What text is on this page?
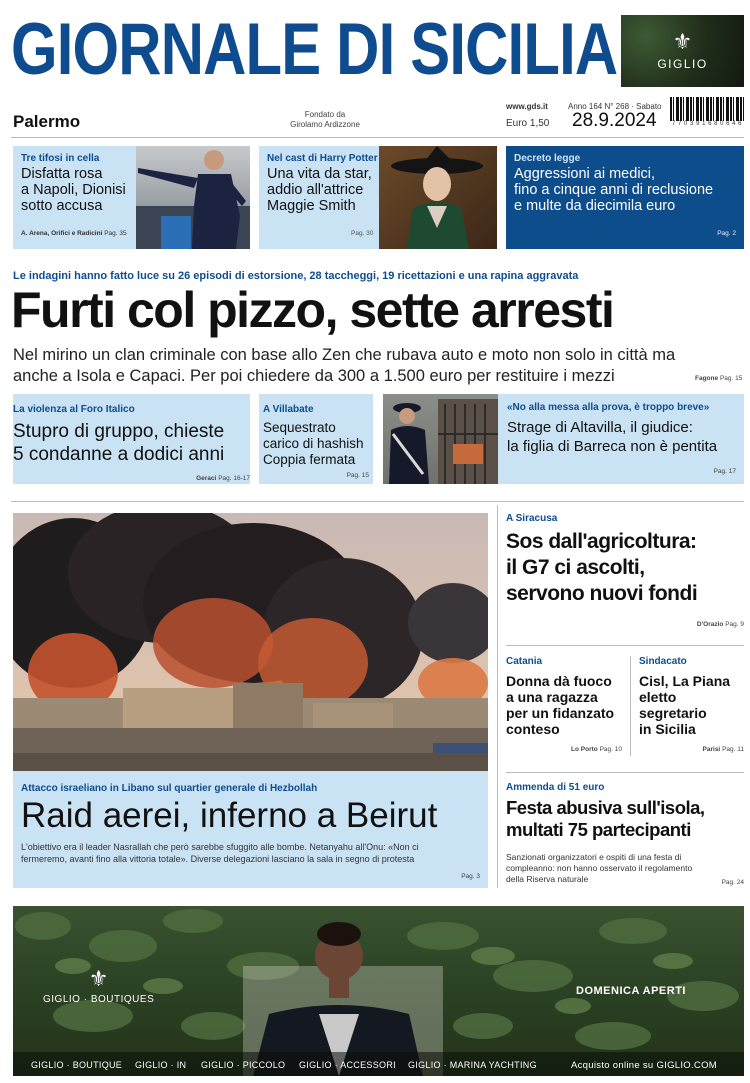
GIORNALE DI SICILIA	⚜
GIGLIO
Palermo	Fondato da
Girolamo Ardizzone
www.gds.it
Euro 1,50
Anno 164 N° 268 · Sabato
28.9.2024	7 7 0 3 9 1 6 8 0 6 4 6
Tre tifosi in cella
Disfatta rosa
a Napoli, Dionisi
sotto accusa
A. Arena, Orifici e Radicini Pag. 35
Nel cast di Harry Potter
Una vita da star,
addio all'attrice
Maggie Smith
Pag. 30
Decreto legge
Aggressioni ai medici,
fino a cinque anni di reclusione
e multe da diecimila euro
Pag. 2
Le indagini hanno fatto luce su 26 episodi di estorsione, 28 taccheggi, 19 ricettazioni e una rapina aggravata
Furti col pizzo, sette arresti
Nel mirino un clan criminale con base allo Zen che rubava auto e moto non solo in città ma
anche a Isola e Capaci. Per poi chiedere da 300 a 1.500 euro per restituire i mezzi	Fagone Pag. 15
La violenza al Foro Italico
Stupro di gruppo, chieste
5 condanne a dodici anni
Geraci Pag. 16-17
A Villabate
Sequestrato
carico di hashish
Coppia fermata
Pag. 15
«No alla messa alla prova, è troppo breve»
Strage di Altavilla, il giudice:
la figlia di Barreca non è pentita
Pag. 17
Attacco israeliano in Libano sul quartier generale di Hezbollah
Raid aerei, inferno a Beirut
L'obiettivo era il leader Nasrallah che però sarebbe sfuggito alle bombe. Netanyahu all'Onu: «Non ci
fermeremo, avanti fino alla vittoria totale». Diverse delegazioni lasciano la sala in segno di protesta
Pag. 3
A Siracusa
Sos dall'agricoltura:
il G7 ci ascolti,
servono nuovi fondi
D'Orazio Pag. 9
Catania
Donna dà fuoco
a una ragazza
per un fidanzato
conteso
Lo Porto Pag. 10
Sindacato
Cisl, La Piana
eletto
segretario
in Sicilia
Parisi Pag. 11
Ammenda di 51 euro
Festa abusiva sull'isola,
multati 75 partecipanti
Sanzionati organizzatori e ospiti di una festa di
compleanno: non hanno osservato il regolamento
della Riserva naturale	Pag. 24
⚜
GIGLIO · BOUTIQUES
DOMENICA APERTI
GIGLIO · BOUTIQUE GIGLIO · IN GIGLIO · PICCOLO GIGLIO · ACCESSORI GIGLIO · MARINA YACHTING	Acquisto online su GIGLIO.COM
